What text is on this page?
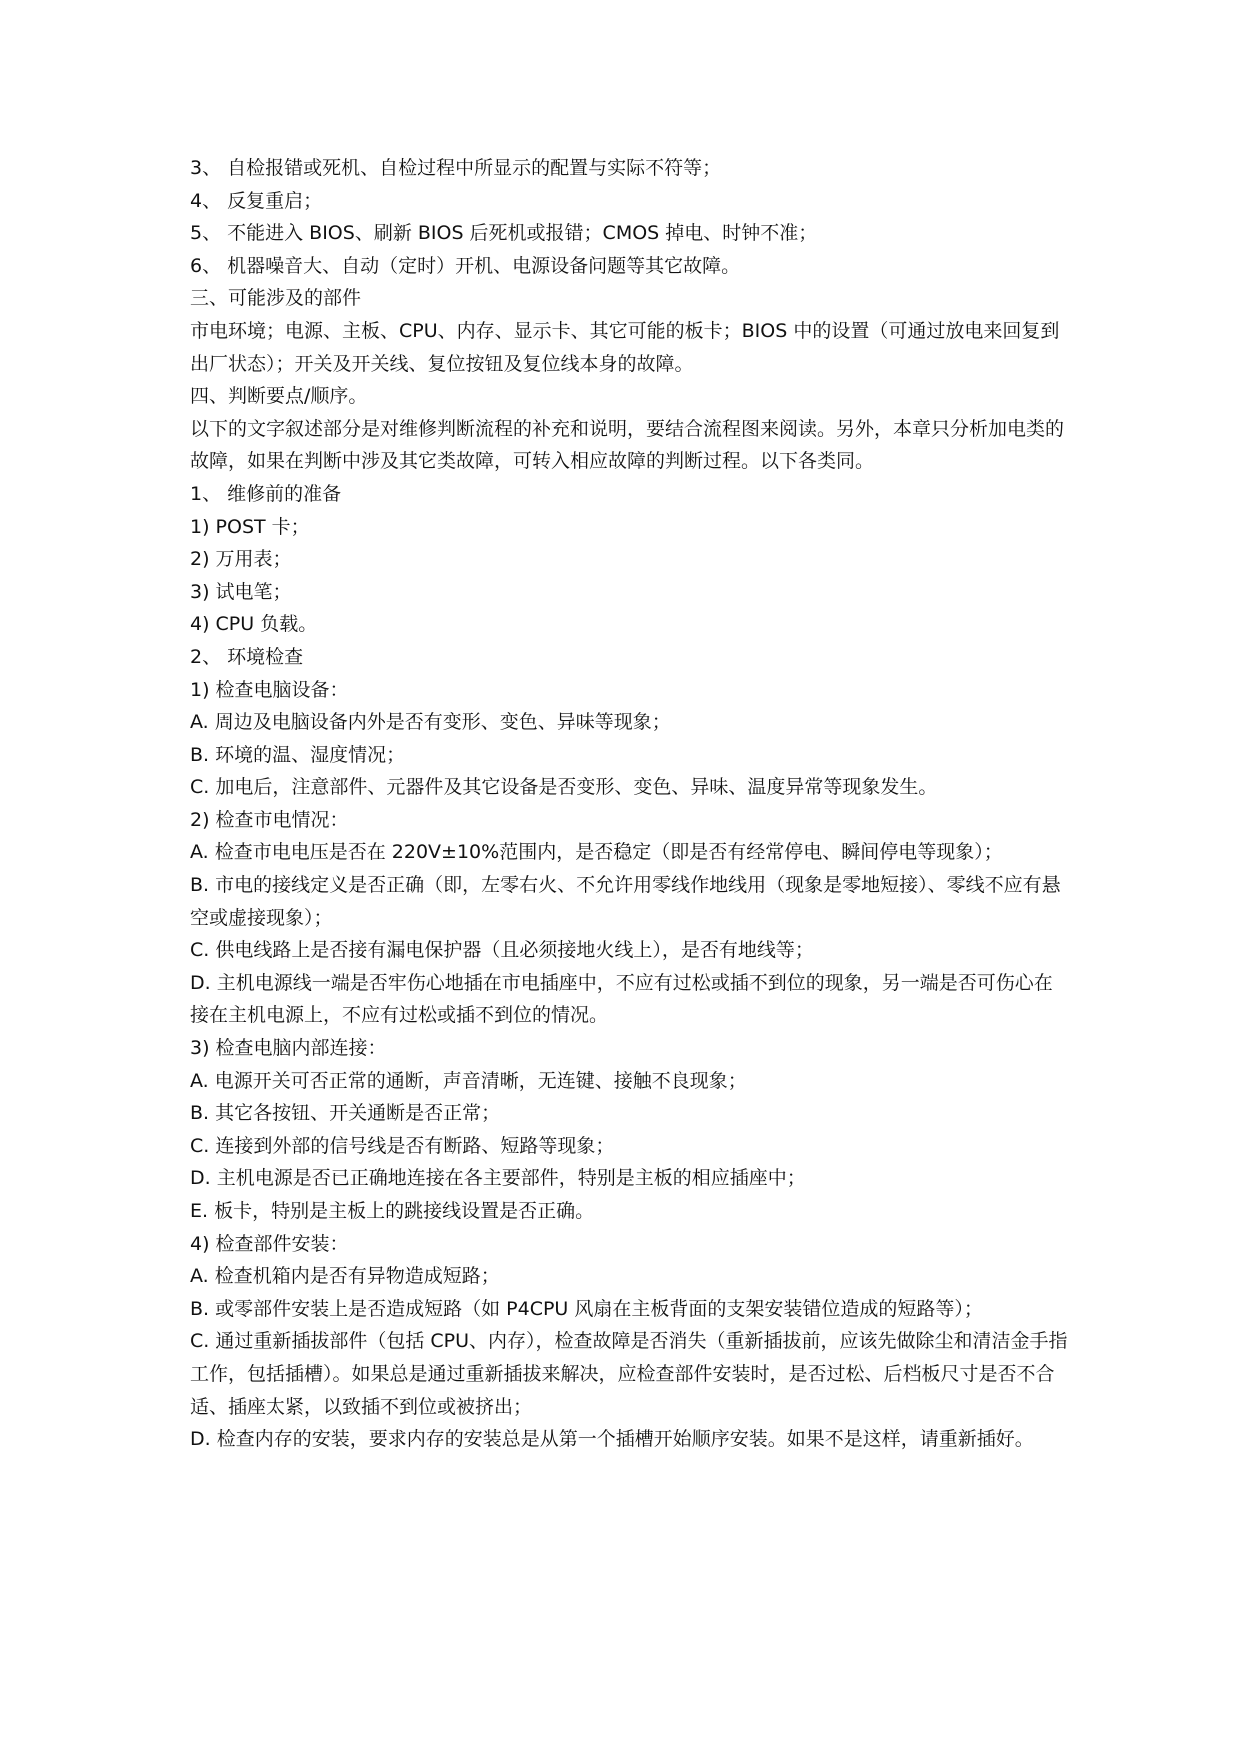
3、 自检报错或死机、自检过程中所显示的配置与实际不符等；

4、 反复重启；

5、 不能进入 BIOS、刷新 BIOS 后死机或报错；CMOS 掉电、时钟不准；

6、 机器噪音大、自动（定时）开机、电源设备问题等其它故障。

三、可能涉及的部件

市电环境；电源、主板、CPU、内存、显示卡、其它可能的板卡；BIOS 中的设置（可通过放电来回复到出厂状态）；开关及开关线、复位按钮及复位线本身的故障。

四、判断要点/顺序。

以下的文字叙述部分是对维修判断流程的补充和说明，要结合流程图来阅读。另外，本章只分析加电类的故障，如果在判断中涉及其它类故障，可转入相应故障的判断过程。以下各类同。

1、 维修前的准备

1) POST 卡；

2) 万用表；

3) 试电笔；

4) CPU 负载。

2、 环境检查

1) 检查电脑设备：

A. 周边及电脑设备内外是否有变形、变色、异味等现象；

B. 环境的温、湿度情况；

C. 加电后，注意部件、元器件及其它设备是否变形、变色、异味、温度异常等现象发生。

2) 检查市电情况：

A. 检查市电电压是否在 220V±10%范围内，是否稳定（即是否有经常停电、瞬间停电等现象）；

B. 市电的接线定义是否正确（即，左零右火、不允许用零线作地线用（现象是零地短接）、零线不应有悬空或虚接现象）；

C. 供电线路上是否接有漏电保护器（且必须接地火线上），是否有地线等；

D. 主机电源线一端是否牢伤心地插在市电插座中，不应有过松或插不到位的现象，另一端是否可伤心在接在主机电源上，不应有过松或插不到位的情况。

3) 检查电脑内部连接：

A. 电源开关可否正常的通断，声音清晰，无连键、接触不良现象；

B. 其它各按钮、开关通断是否正常；

C. 连接到外部的信号线是否有断路、短路等现象；

D. 主机电源是否已正确地连接在各主要部件，特别是主板的相应插座中；

E. 板卡，特别是主板上的跳接线设置是否正确。

4) 检查部件安装：

A. 检查机箱内是否有异物造成短路；

B. 或零部件安装上是否造成短路（如 P4CPU 风扇在主板背面的支架安装错位造成的短路等）；

C. 通过重新插拔部件（包括 CPU、内存），检查故障是否消失（重新插拔前，应该先做除尘和清洁金手指工作，包括插槽）。如果总是通过重新插拔来解决，应检查部件安装时，是否过松、后档板尺寸是否不合适、插座太紧，以致插不到位或被挤出；

D. 检查内存的安装，要求内存的安装总是从第一个插槽开始顺序安装。如果不是这样，请重新插好。
